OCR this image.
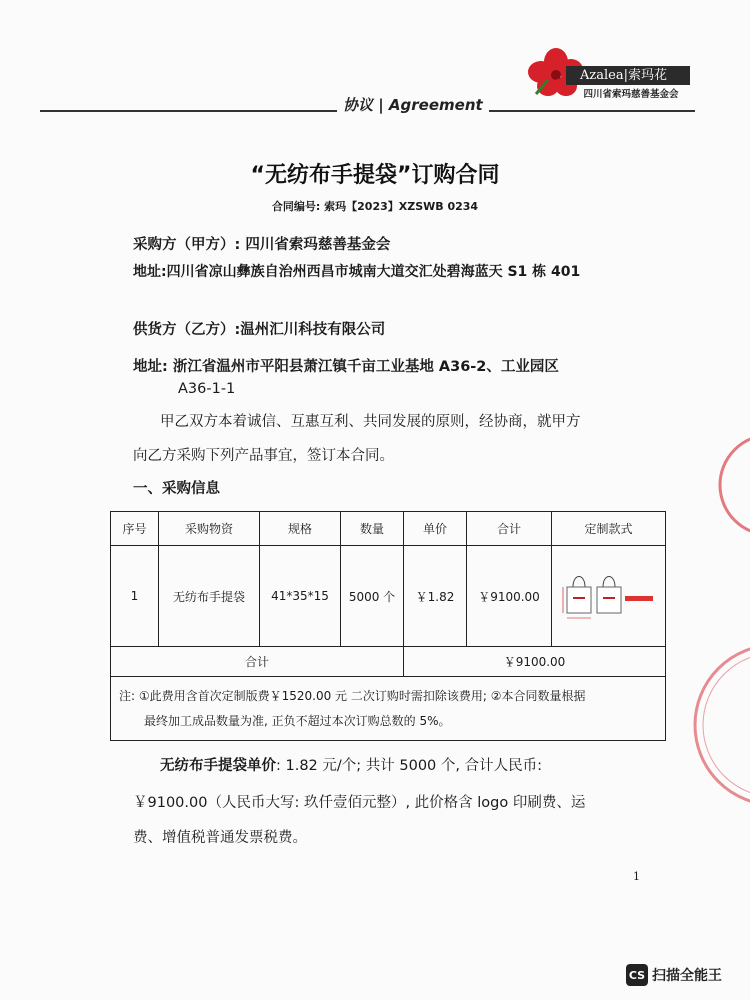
Azalea|索玛花
四川省索玛慈善基金会
协议 | Agreement
“无纺布手提袋”订购合同
合同编号: 索玛【2023】XZSWB 0234
采购方（甲方）: 四川省索玛慈善基金会
地址:四川省凉山彝族自治州西昌市城南大道交汇处碧海蓝天 S1 栋 401
供货方（乙方）:温州汇川科技有限公司
地址: 浙江省温州市平阳县萧江镇千亩工业基地 A36-2、工业园区
A36-1-1
甲乙双方本着诚信、互惠互利、共同发展的原则，经协商，就甲方
向乙方采购下列产品事宜，签订本合同。
一、采购信息
序号	采购物资	规格	数量	单价	合计	定制款式
1	无纺布手提袋	41*35*15	5000 个	￥1.82	￥9100.00	
合计				￥9100.00		
注: ①此费用含首次定制版费￥1520.00 元 二次订购时需扣除该费用; ②本合同数量根据
最终加工成品数量为准, 正负不超过本次订购总数的 5%。
无纺布手提袋单价: 1.82 元/个; 共计 5000 个, 合计人民币:
￥9100.00（人民币大写: 玖仟壹佰元整）, 此价格含 logo 印刷费、运
费、增值税普通发票税费。
1
CS 扫描全能王
